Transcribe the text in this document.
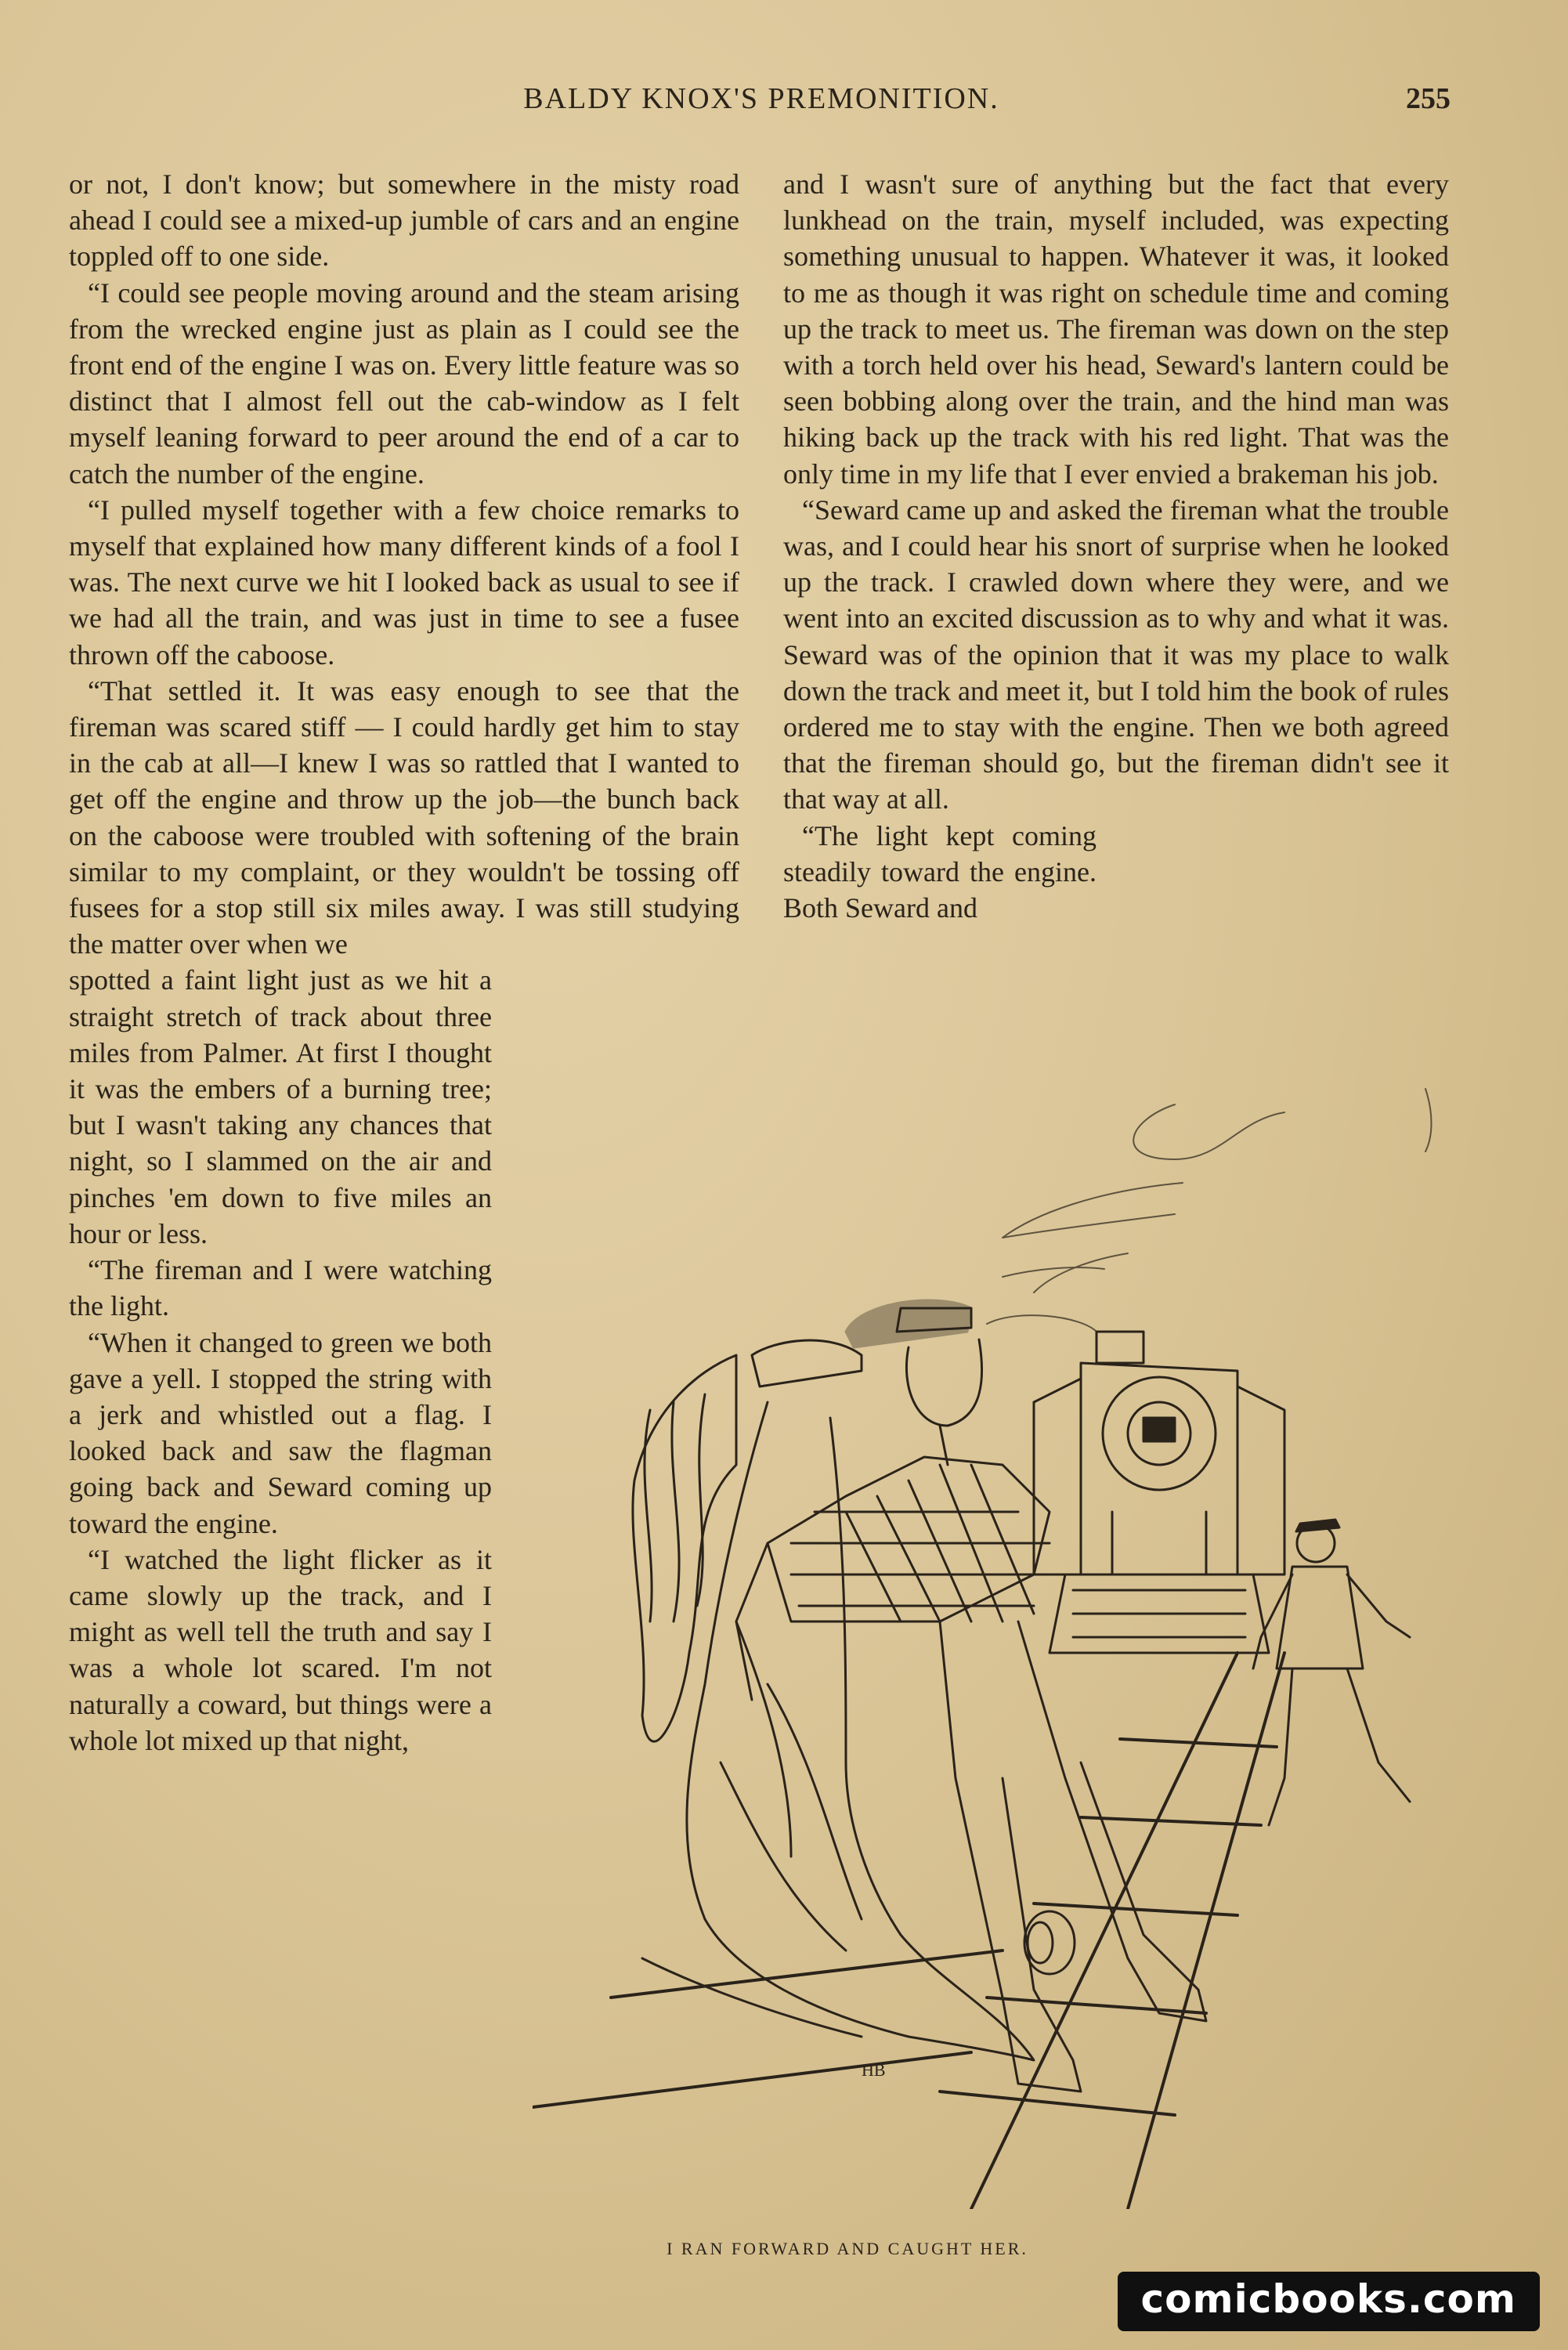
BALDY KNOX'S PREMONITION.	255

or not, I don't know; but somewhere in the misty road ahead I could see a mixed-up jumble of cars and an engine toppled off to one side.

“I could see people moving around and the steam arising from the wrecked engine just as plain as I could see the front end of the engine I was on. Every little feature was so distinct that I almost fell out the cab-window as I felt myself leaning forward to peer around the end of a car to catch the number of the engine.

“I pulled myself together with a few choice remarks to myself that explained how many different kinds of a fool I was. The next curve we hit I looked back as usual to see if we had all the train, and was just in time to see a fusee thrown off the caboose.

“That settled it. It was easy enough to see that the fireman was scared stiff — I could hardly get him to stay in the cab at all—I knew I was so rattled that I wanted to get off the engine and throw up the job—the bunch back on the caboose were troubled with softening of the brain similar to my complaint, or they wouldn't be tossing off fusees for a stop still six miles away. I was still studying the matter over when we

spotted a faint light just as we hit a straight stretch of track about three miles from Palmer. At first I thought it was the embers of a burning tree; but I wasn't taking any chances that night, so I slammed on the air and pinches 'em down to five miles an hour or less.

“The fireman and I were watching the light.

“When it changed to green we both gave a yell. I stopped the string with a jerk and whistled out a flag. I looked back and saw the flagman going back and Seward coming up toward the engine.

“I watched the light flicker as it came slowly up the track, and I might as well tell the truth and say I was a whole lot scared. I'm not naturally a coward, but things were a whole lot mixed up that night,

and I wasn't sure of anything but the fact that every lunkhead on the train, myself included, was expecting something unusual to happen. Whatever it was, it looked to me as though it was right on schedule time and coming up the track to meet us. The fireman was down on the step with a torch held over his head, Seward's lantern could be seen bobbing along over the train, and the hind man was hiking back up the track with his red light. That was the only time in my life that I ever envied a brakeman his job.

“Seward came up and asked the fireman what the trouble was, and I could hear his snort of surprise when he looked up the track. I crawled down where they were, and we went into an excited discussion as to why and what it was. Seward was of the opinion that it was my place to walk down the track and meet it, but I told him the book of rules ordered me to stay with the engine. Then we both agreed that the fireman should go, but the fireman didn't see it that way at all.

“The light kept coming steadily toward the engine. Both Seward and

HB
I RAN FORWARD AND CAUGHT HER.
comicbooks.com
